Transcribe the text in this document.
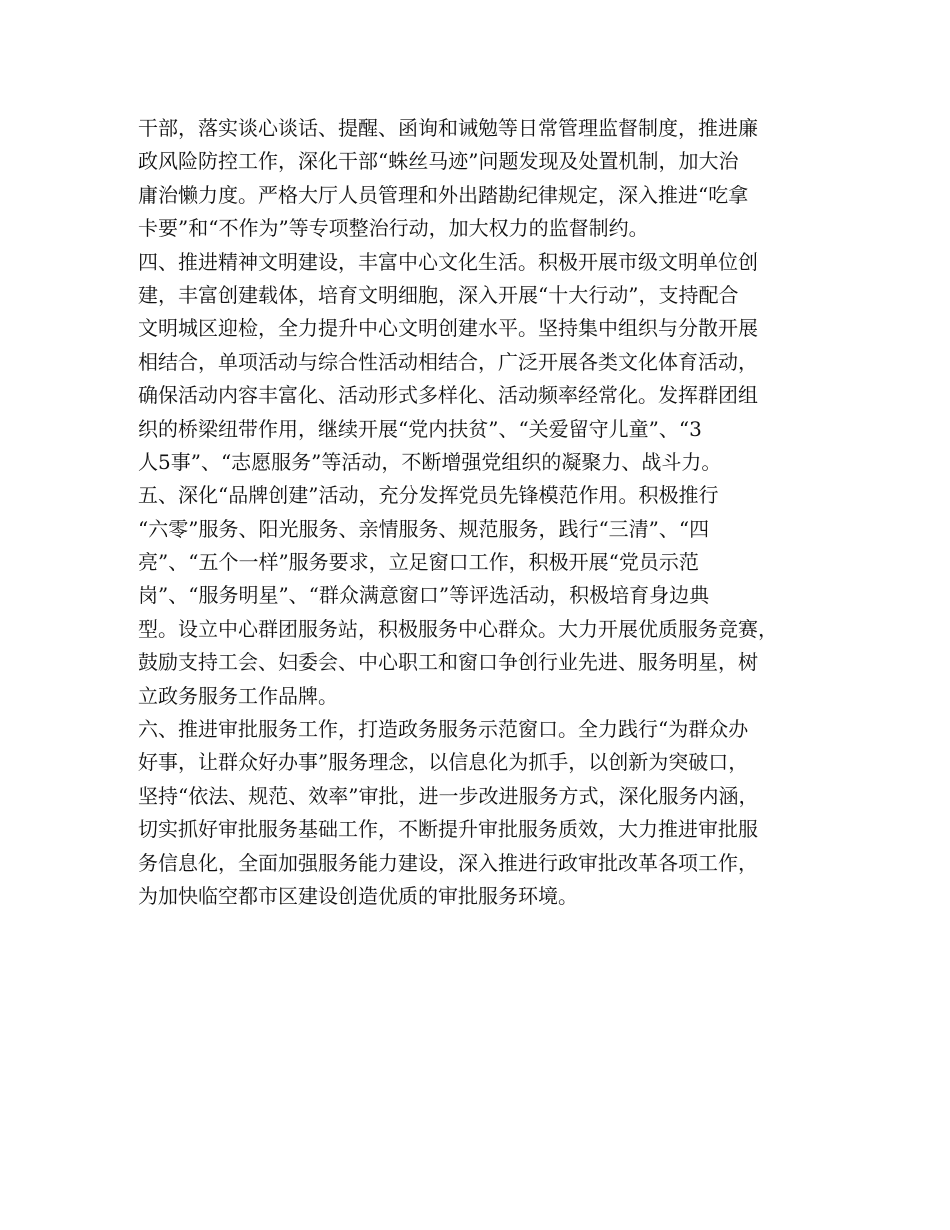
干部，落实谈心谈话、提醒、函询和诫勉等日常管理监督制度，推进廉
政风险防控工作，深化干部“蛛丝马迹”问题发现及处置机制，加大治
庸治懒力度。严格大厅人员管理和外出踏勘纪律规定，深入推进“吃拿
卡要”和“不作为”等专项整治行动，加大权力的监督制约。
四、推进精神文明建设，丰富中心文化生活。积极开展市级文明单位创
建，丰富创建载体，培育文明细胞，深入开展“十大行动”，支持配合
文明城区迎检，全力提升中心文明创建水平。坚持集中组织与分散开展
相结合，单项活动与综合性活动相结合，广泛开展各类文化体育活动，
确保活动内容丰富化、活动形式多样化、活动频率经常化。发挥群团组
织的桥梁纽带作用，继续开展“党内扶贫”、“关爱留守儿童”、“3
人5事”、“志愿服务”等活动，不断增强党组织的凝聚力、战斗力。
五、深化“品牌创建”活动，充分发挥党员先锋模范作用。积极推行
“六零”服务、阳光服务、亲情服务、规范服务，践行“三清”、“四
亮”、“五个一样”服务要求，立足窗口工作，积极开展“党员示范
岗”、“服务明星”、“群众满意窗口”等评选活动，积极培育身边典
型。设立中心群团服务站，积极服务中心群众。大力开展优质服务竞赛，
鼓励支持工会、妇委会、中心职工和窗口争创行业先进、服务明星，树
立政务服务工作品牌。
六、推进审批服务工作，打造政务服务示范窗口。全力践行“为群众办
好事，让群众好办事”服务理念，以信息化为抓手，以创新为突破口，
坚持“依法、规范、效率”审批，进一步改进服务方式，深化服务内涵，
切实抓好审批服务基础工作，不断提升审批服务质效，大力推进审批服
务信息化，全面加强服务能力建设，深入推进行政审批改革各项工作，
为加快临空都市区建设创造优质的审批服务环境。
